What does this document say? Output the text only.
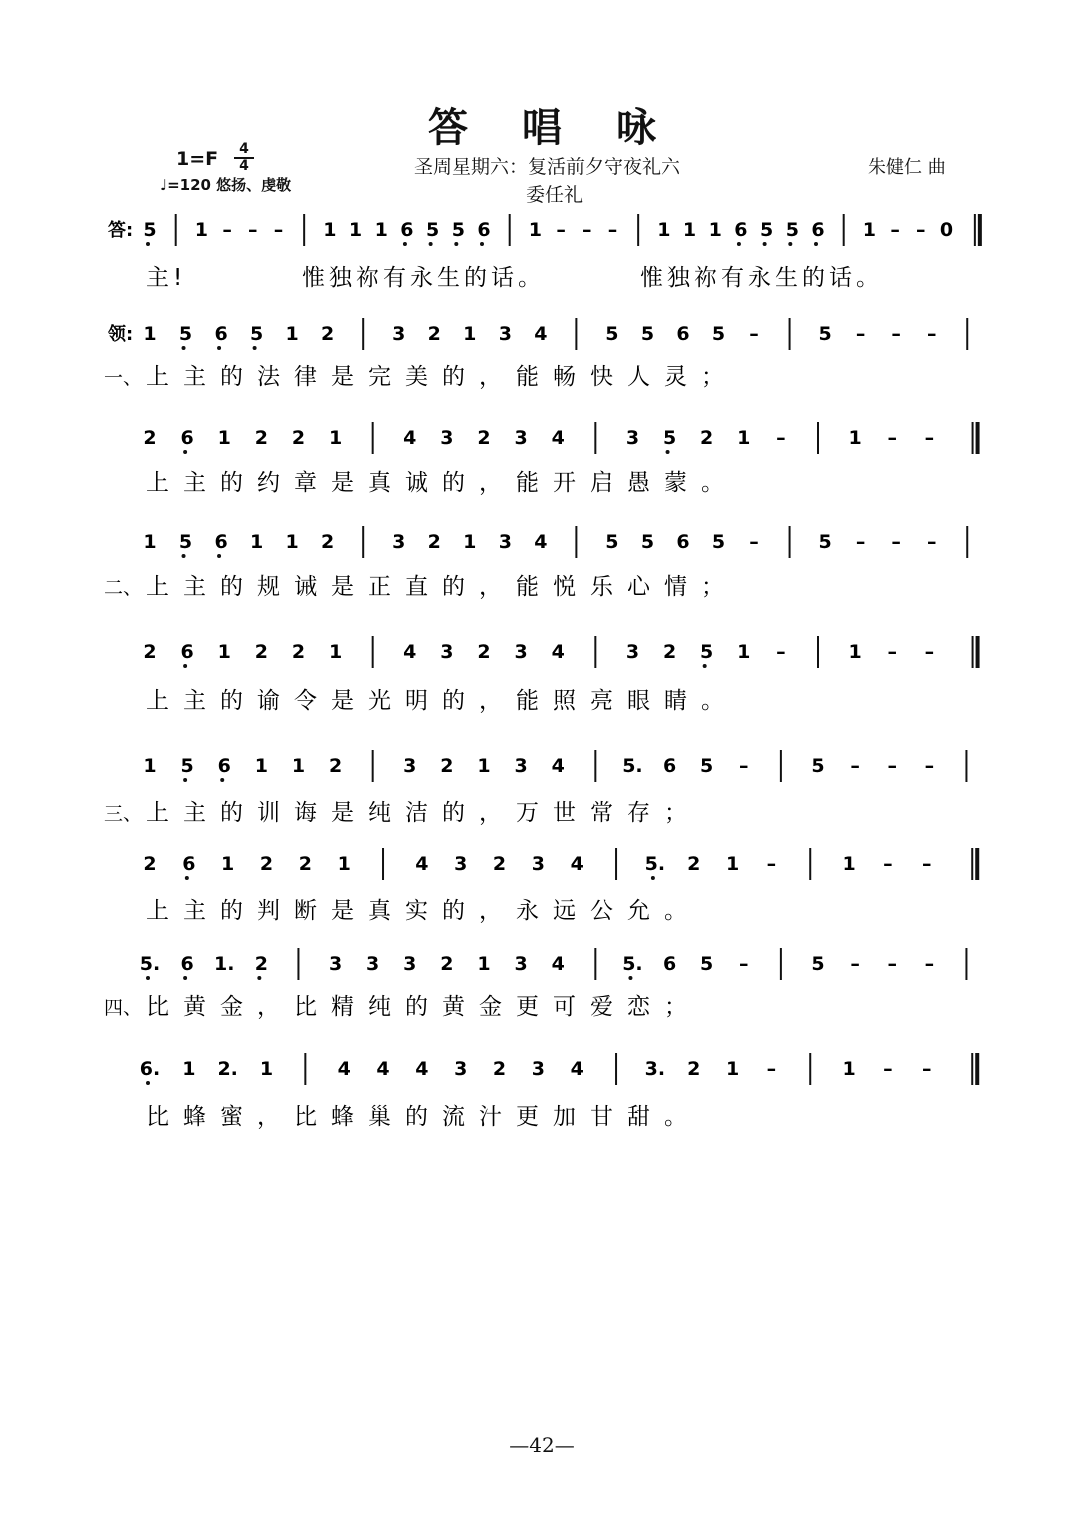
答唱咏
$1=F \frac{4}{4}$
♩=120 悠扬、虔敬
圣周星期六：复活前夕守夜礼六
委任礼
朱健仁 曲
答: 5 1 – – – 1 1 1 6 5 5 6 1 – – – 1 1 1 6 5 5 6 1 – – 0
主!	惟独祢有永生的话。	惟独祢有永生的话。
领: 1 5 6 5 1 2	3 2 1 3 4	5 5 6 5 –	5 – – –
一、 上主的法律是完美的，能畅快人灵；
2 6 1 2 2 1	4 3 2 3 4	3 5 2 1 –	1 – –
上主的约章是真诚的，能开启愚蒙。
1 5 6 1 1 2	3 2 1 3 4	5 5 6 5 –	5 – – –
二、 上主的规诫是正直的，能悦乐心情；
2 6 1 2 2 1	4 3 2 3 4	3 2 5 1 –	1 – –
上主的谕令是光明的，能照亮眼睛。
1 5 6 1 1 2	3 2 1 3 4	5. 6 5 –	5 – – –
三、 上主的训诲是纯洁的，万世常存；
2 6 1 2 2 1	4 3 2 3 4	5. 2 1 –	1 – –
上主的判断是真实的，永远公允。
5. 6 1. 2	3 3 3 2 1 3 4	5. 6 5 –	5 – – –
四、 比黄金，比精纯的黄金更可爱恋；
6. 1 2. 1	4 4 4 3 2 3 4	3. 2 1 –	1 – –
比蜂蜜，比蜂巢的流汁更加甘甜。
—42—
